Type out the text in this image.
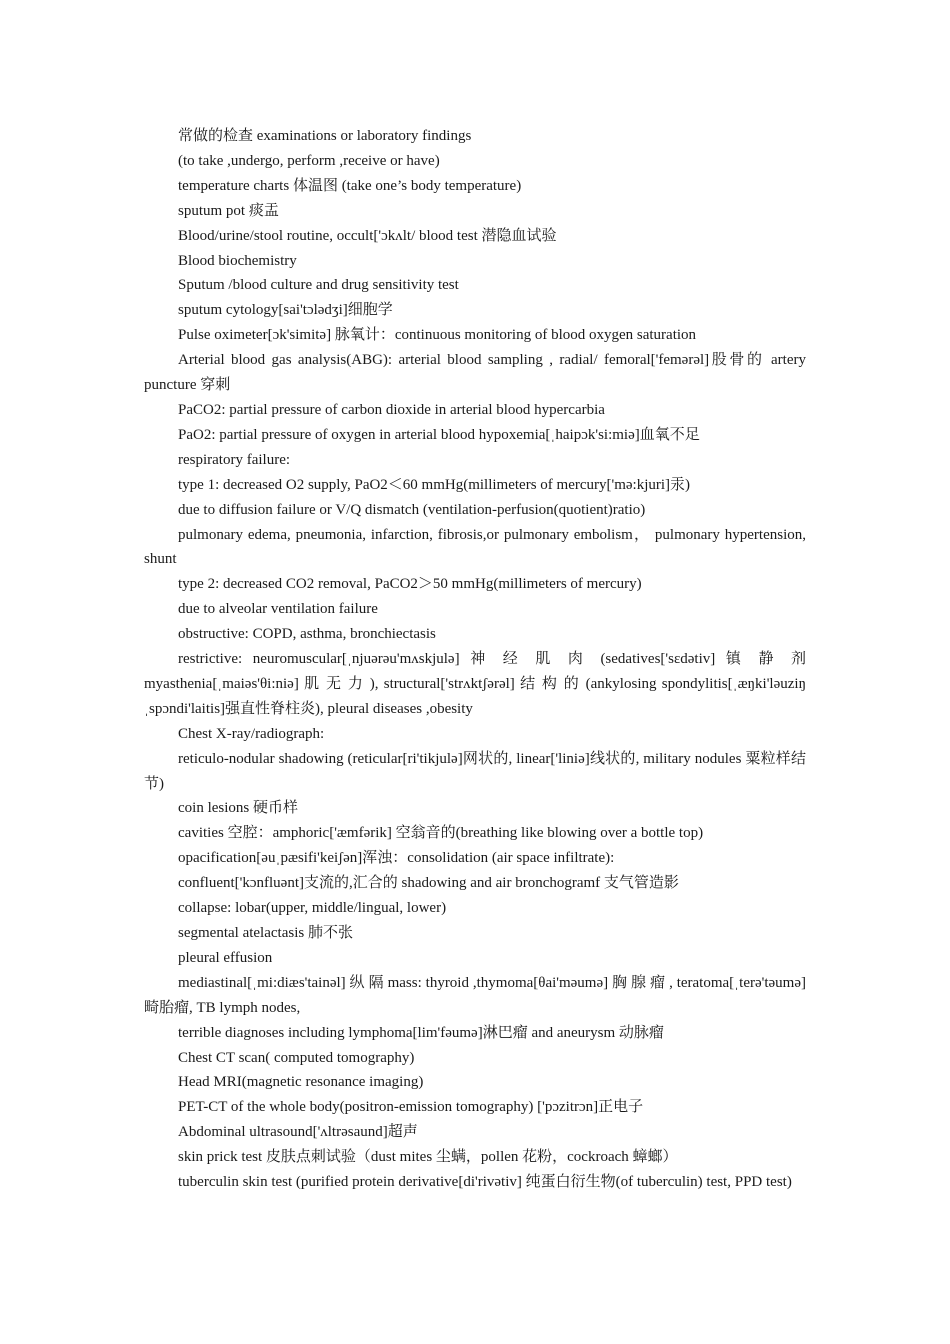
常做的检查 examinations or laboratory findings

(to take ,undergo, perform ,receive or have)

temperature charts 体温图 (take one’s body temperature)

sputum pot 痰盂

Blood/urine/stool routine, occult['ɔkʌlt/ blood test 潜隐血试验

Blood biochemistry

Sputum /blood culture and drug sensitivity test

sputum cytology[sai'tɔlədʒi]细胞学

Pulse oximeter[ɔk'simitə] 脉氧计：continuous monitoring of blood oxygen saturation

Arterial blood gas analysis(ABG): arterial blood sampling , radial/ femoral['femərəl]股骨的 artery puncture 穿刺

PaCO2: partial pressure of carbon dioxide in arterial blood hypercarbia

PaO2: partial pressure of oxygen in arterial blood hypoxemia[ˌhaipɔk'si:miə]血氧不足

respiratory failure:

type 1: decreased O2 supply, PaO2＜60 mmHg(millimeters of mercury['mə:kjuri]汞)

due to diffusion failure or V/Q dismatch (ventilation-perfusion(quotient)ratio)

pulmonary edema, pneumonia, infarction, fibrosis,or pulmonary embolism， pulmonary hypertension, shunt

type 2: decreased CO2 removal, PaCO2＞50 mmHg(millimeters of mercury)

due to alveolar ventilation failure

obstructive: COPD, asthma, bronchiectasis

restrictive: neuromuscular[ˌnjuərəu'mʌskjulə] 神 经 肌 肉 (sedatives['sɛdətiv] 镇 静 剂 myasthenia[ˌmaiəs'θi:niə] 肌 无 力 ), structural['strʌktʃərəl] 结 构 的 (ankylosing spondylitis[ˌæŋki'ləuziŋˌspɔndi'laitis]强直性脊柱炎), pleural diseases ,obesity

Chest X-ray/radiograph:

reticulo-nodular shadowing (reticular[ri'tikjulə]网状的, linear['liniə]线状的, military nodules 粟粒样结节)

coin lesions 硬币样

cavities 空腔：amphoric['æmfərik] 空翁音的(breathing like blowing over a bottle top)

opacification[əuˌpæsifi'keiʃən]浑浊：consolidation (air space infiltrate):

confluent['kɔnfluənt]支流的,汇合的 shadowing and air bronchogramf 支气管造影

collapse: lobar(upper, middle/lingual, lower)

segmental atelactasis 肺不张

pleural effusion

mediastinal[ˌmi:diæs'tainəl] 纵 隔 mass: thyroid ,thymoma[θai'məumə] 胸 腺 瘤 , teratoma[ˌterə'təumə]畸胎瘤, TB lymph nodes,

terrible diagnoses including lymphoma[lim'fəumə]淋巴瘤 and aneurysm 动脉瘤

Chest CT scan( computed tomography)

Head MRI(magnetic resonance imaging)

PET-CT of the whole body(positron-emission tomography) ['pɔzitrɔn]正电子

Abdominal ultrasound['ʌltrəsaund]超声

skin prick test 皮肤点刺试验（dust mites 尘螨，pollen 花粉，cockroach 蟑螂）

tuberculin skin test (purified protein derivative[di'rivətiv] 纯蛋白衍生物(of tuberculin) test, PPD test)
